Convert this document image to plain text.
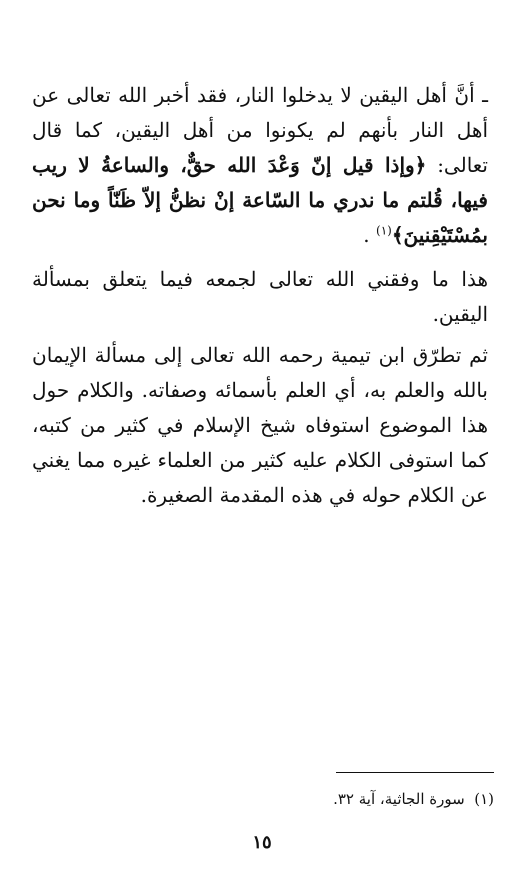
ـ أنَّ أهل اليقين لا يدخلوا النار، فقد أخبر الله تعالى عن أهل النار بأنهم لم يكونوا من أهل اليقين، كما قال تعالى: ﴿وإذا قيل إنّ وَعْدَ الله حقٌّ، والساعةُ لا ريب فيها، قُلتم ما ندري ما السّاعة إنْ نظنُّ إلاّ ظَنّاً وما نحن بمُسْتَيْقِنينَ﴾$^{(١)}$ .

هذا ما وفقني الله تعالى لجمعه فيما يتعلق بمسألة اليقين.

ثم تطرّق ابن تيمية رحمه الله تعالى إلى مسألة الإيمان بالله والعلم به، أي العلم بأسمائه وصفاته. والكلام حول هذا الموضوع استوفاه شيخ الإسلام في كثير من كتبه، كما استوفى الكلام عليه كثير من العلماء غيره مما يغني عن الكلام حوله في هذه المقدمة الصغيرة.

(١)  سورة الجاثية، آية ٣٢.

١٥
